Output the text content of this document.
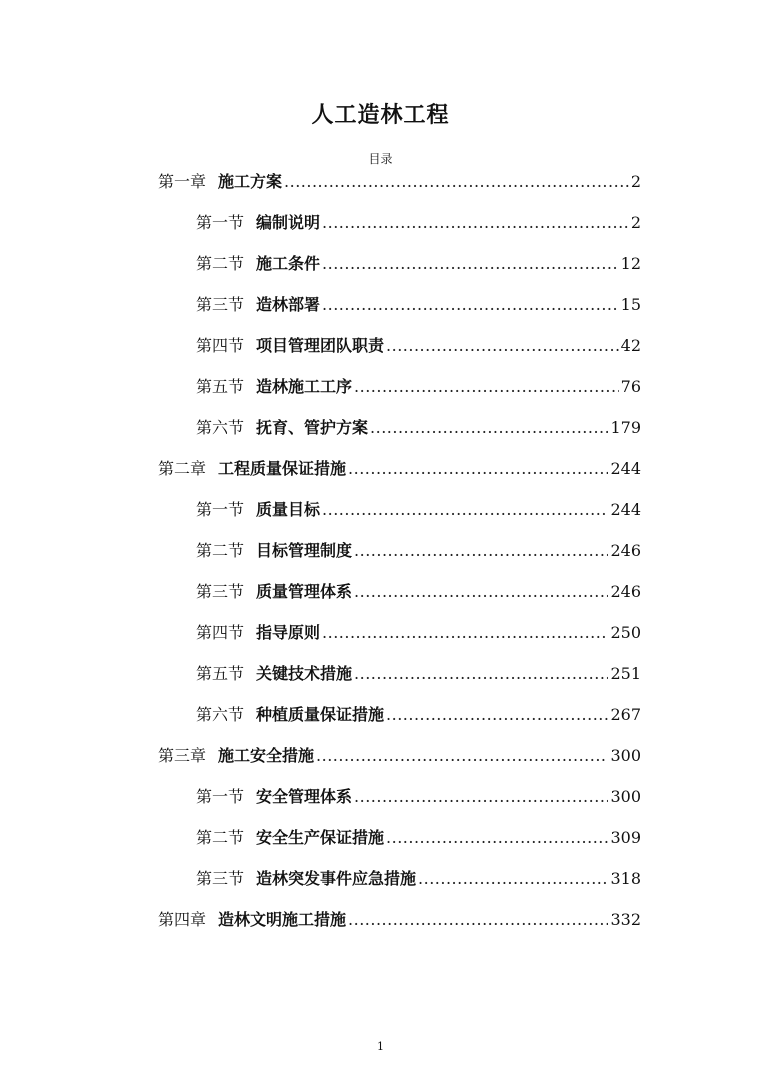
人工造林工程
目录
第一章 施工方案 .....	2
第一节 编制说明 .....	2
第二节 施工条件 .....	12
第三节 造林部署 .....	15
第四节 项目管理团队职责 .....	42
第五节 造林施工工序 .....	76
第六节 抚育、管护方案 .....	179
第二章 工程质量保证措施 .....	244
第一节 质量目标 .....	244
第二节 目标管理制度 .....	246
第三节 质量管理体系 .....	246
第四节 指导原则 .....	250
第五节 关键技术措施 .....	251
第六节 种植质量保证措施 .....	267
第三章 施工安全措施 .....	300
第一节 安全管理体系 .....	300
第二节 安全生产保证措施 .....	309
第三节 造林突发事件应急措施 .....	318
第四章 造林文明施工措施 .....	332
1
